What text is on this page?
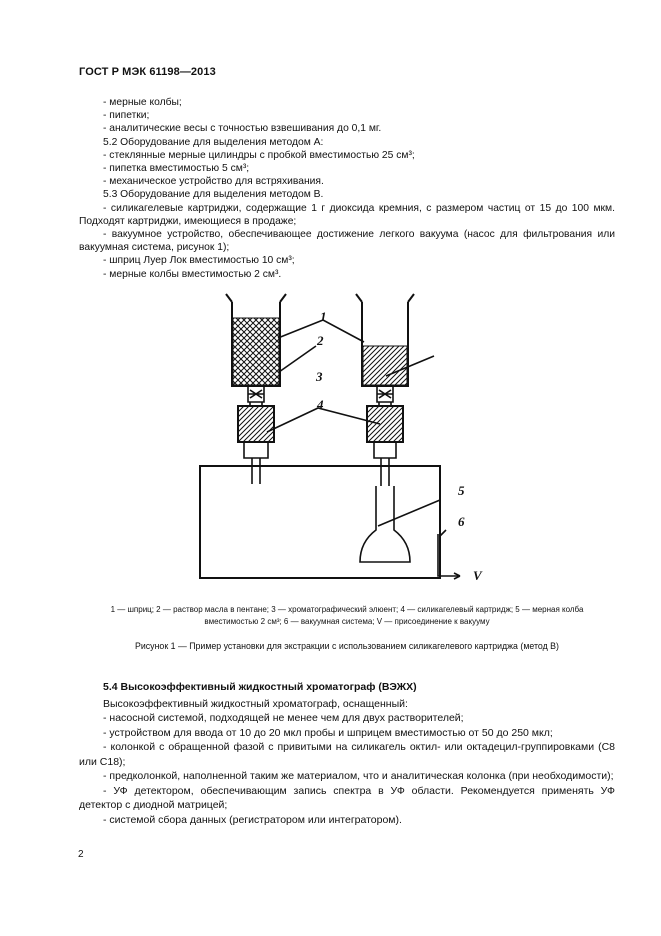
ГОСТ Р МЭК 61198—2013

- мерные колбы;

- пипетки;

- аналитические весы с точностью взвешивания до 0,1 мг.

5.2 Оборудование для выделения методом А:

- стеклянные мерные цилиндры с пробкой вместимостью 25 см³;

- пипетка вместимостью 5 см³;

- механическое устройство для встряхивания.

5.3 Оборудование для выделения методом В.

- силикагелевые картриджи, содержащие 1 г диоксида кремния, с размером частиц от 15 до 100 мкм. Подходят картриджи, имеющиеся в продаже;

- вакуумное устройство, обеспечивающее достижение легкого вакуума (насос для фильтрования или вакуумная система, рисунок 1);

- шприц Луер Лок вместимостью 10 см³;

- мерные колбы вместимостью 2 см³.

1
2
3
4
5
6
V
1 — шприц; 2 — раствор масла в пентане; 3 — хроматографический элюент; 4 — силикагелевый картридж; 5 — мерная колба
вместимостью 2 см³; 6 — вакуумная система; V — присоединение к вакууму
Рисунок 1 — Пример установки для экстракции с использованием силикагелевого картриджа (метод В)

5.4 Высокоэффективный жидкостный хроматограф (ВЭЖХ)

Высокоэффективный жидкостный хроматограф, оснащенный:

- насосной системой, подходящей не менее чем для двух растворителей;

- устройством для ввода от 10 до 20 мкл пробы и шприцем вместимостью от 50 до 250 мкл;

- колонкой с обращенной фазой с привитыми на силикагель октил- или октадецил-группировками (C8 или C18);

- предколонкой, наполненной таким же материалом, что и аналитическая колонка (при необходимости);

- УФ детектором, обеспечивающим запись спектра в УФ области. Рекомендуется применять УФ детектор с диодной матрицей;

- системой сбора данных (регистратором или интегратором).

2
